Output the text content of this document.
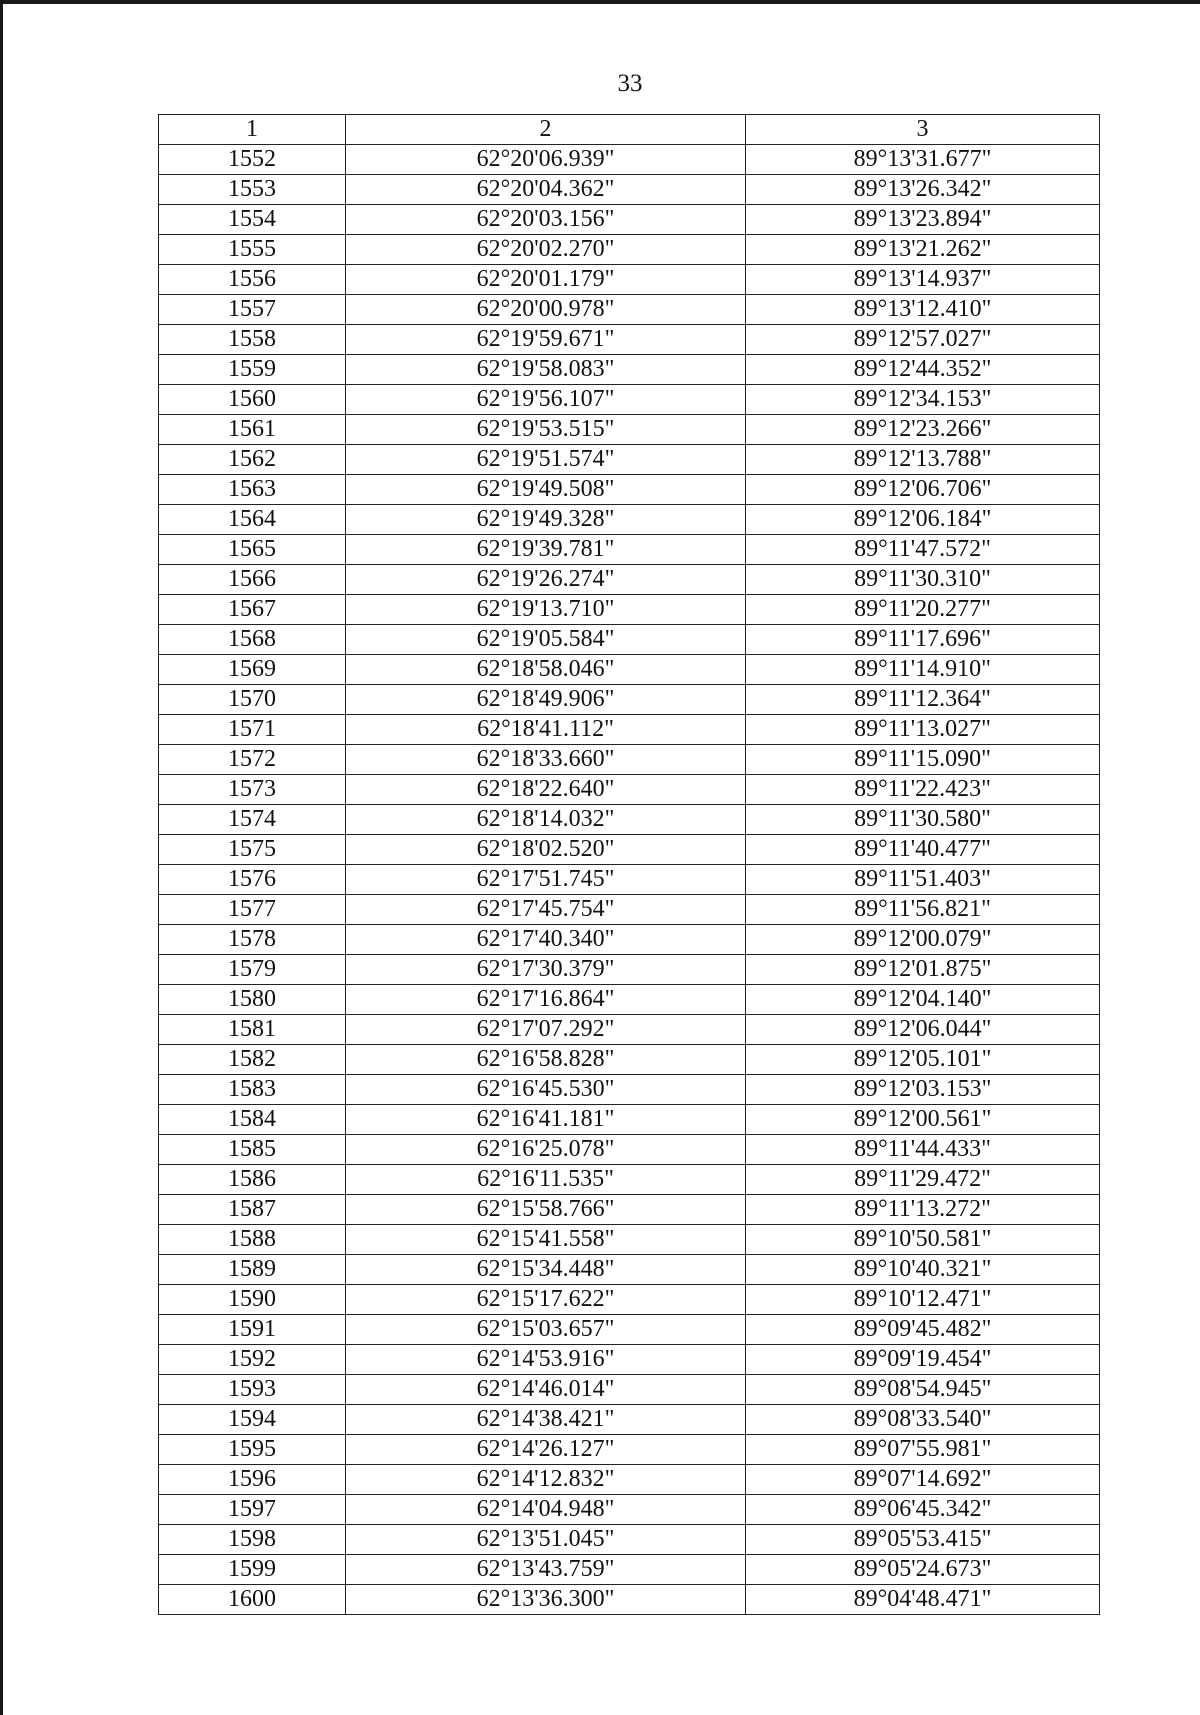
33
1	2	3
1552	62°20'06.939"	89°13'31.677"
1553	62°20'04.362"	89°13'26.342"
1554	62°20'03.156"	89°13'23.894"
1555	62°20'02.270"	89°13'21.262"
1556	62°20'01.179"	89°13'14.937"
1557	62°20'00.978"	89°13'12.410"
1558	62°19'59.671"	89°12'57.027"
1559	62°19'58.083"	89°12'44.352"
1560	62°19'56.107"	89°12'34.153"
1561	62°19'53.515"	89°12'23.266"
1562	62°19'51.574"	89°12'13.788"
1563	62°19'49.508"	89°12'06.706"
1564	62°19'49.328"	89°12'06.184"
1565	62°19'39.781"	89°11'47.572"
1566	62°19'26.274"	89°11'30.310"
1567	62°19'13.710"	89°11'20.277"
1568	62°19'05.584"	89°11'17.696"
1569	62°18'58.046"	89°11'14.910"
1570	62°18'49.906"	89°11'12.364"
1571	62°18'41.112"	89°11'13.027"
1572	62°18'33.660"	89°11'15.090"
1573	62°18'22.640"	89°11'22.423"
1574	62°18'14.032"	89°11'30.580"
1575	62°18'02.520"	89°11'40.477"
1576	62°17'51.745"	89°11'51.403"
1577	62°17'45.754"	89°11'56.821"
1578	62°17'40.340"	89°12'00.079"
1579	62°17'30.379"	89°12'01.875"
1580	62°17'16.864"	89°12'04.140"
1581	62°17'07.292"	89°12'06.044"
1582	62°16'58.828"	89°12'05.101"
1583	62°16'45.530"	89°12'03.153"
1584	62°16'41.181"	89°12'00.561"
1585	62°16'25.078"	89°11'44.433"
1586	62°16'11.535"	89°11'29.472"
1587	62°15'58.766"	89°11'13.272"
1588	62°15'41.558"	89°10'50.581"
1589	62°15'34.448"	89°10'40.321"
1590	62°15'17.622"	89°10'12.471"
1591	62°15'03.657"	89°09'45.482"
1592	62°14'53.916"	89°09'19.454"
1593	62°14'46.014"	89°08'54.945"
1594	62°14'38.421"	89°08'33.540"
1595	62°14'26.127"	89°07'55.981"
1596	62°14'12.832"	89°07'14.692"
1597	62°14'04.948"	89°06'45.342"
1598	62°13'51.045"	89°05'53.415"
1599	62°13'43.759"	89°05'24.673"
1600	62°13'36.300"	89°04'48.471"
